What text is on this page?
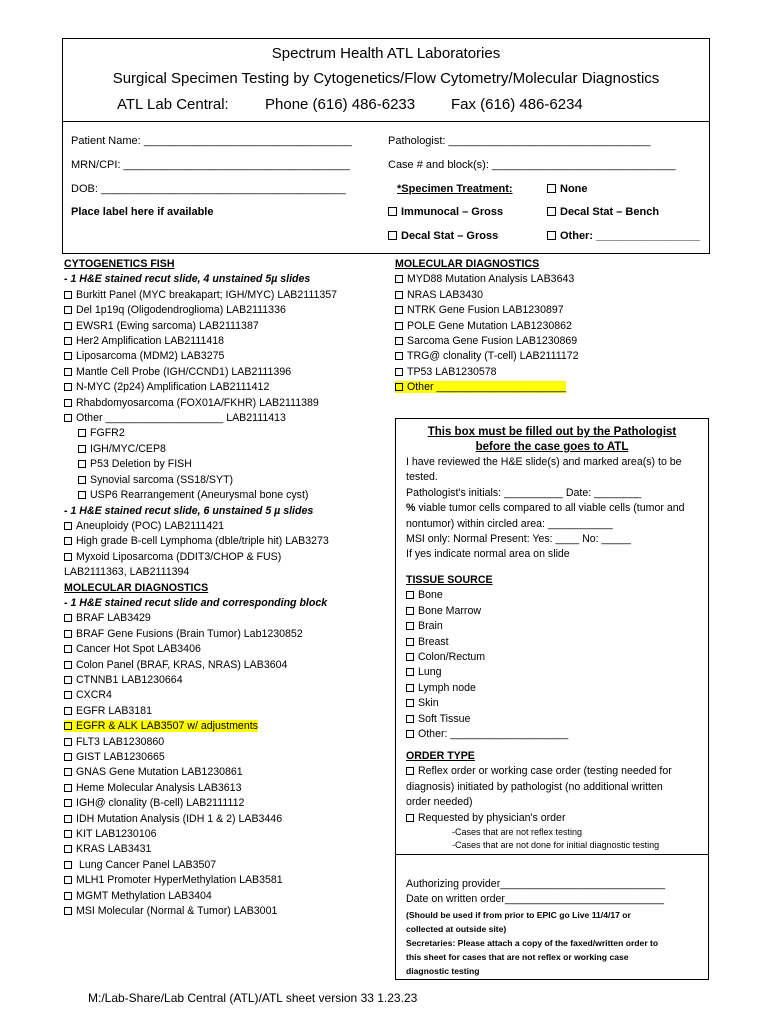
Spectrum Health ATL Laboratories
Surgical Specimen Testing by Cytogenetics/Flow Cytometry/Molecular Diagnostics
ATL Lab Central: Phone (616) 486-6233 Fax (616) 486-6234
Patient Name: __________________________________
MRN/CPI: _____________________________________
DOB: ________________________________________
Place label here if available
Pathologist: _________________________________
Case # and block(s): ______________________________
*Specimen Treatment:	None
Immunocal – Gross	Decal Stat – Bench
Decal Stat – Gross	Other: _________________
CYTOGENETICS FISH
- 1 H&E stained recut slide, 4 unstained 5µ slides
Burkitt Panel (MYC breakapart; IGH/MYC) LAB2111357
Del 1p19q (Oligodendroglioma) LAB2111336
EWSR1 (Ewing sarcoma) LAB2111387
Her2 Amplification LAB2111418
Liposarcoma (MDM2) LAB3275
Mantle Cell Probe (IGH/CCND1) LAB2111396
N-MYC (2p24) Amplification LAB2111412
Rhabdomyosarcoma (FOX01A/FKHR) LAB2111389
Other ____________________ LAB2111413
FGFR2
IGH/MYC/CEP8
P53 Deletion by FISH
Synovial sarcoma (SS18/SYT)
USP6 Rearrangement (Aneurysmal bone cyst)
- 1 H&E stained recut slide, 6 unstained 5 µ slides
Aneuploidy (POC) LAB2111421
High grade B-cell Lymphoma (dble/triple hit) LAB3273
Myxoid Liposarcoma (DDIT3/CHOP & FUS)
LAB2111363, LAB2111394
MOLECULAR DIAGNOSTICS
- 1 H&E stained recut slide and corresponding block
BRAF LAB3429
BRAF Gene Fusions (Brain Tumor) Lab1230852
Cancer Hot Spot LAB3406
Colon Panel (BRAF, KRAS, NRAS) LAB3604
CTNNB1 LAB1230664
CXCR4
EGFR LAB3181
EGFR & ALK LAB3507 w/ adjustments
FLT3 LAB1230860
GIST LAB1230665
GNAS Gene Mutation LAB1230861
Heme Molecular Analysis LAB3613
IGH@ clonality (B-cell) LAB2111112
IDH Mutation Analysis (IDH 1 & 2) LAB3446
KIT LAB1230106
KRAS LAB3431
Lung Cancer Panel LAB3507
MLH1 Promoter HyperMethylation LAB3581
MGMT Methylation LAB3404
MSI Molecular (Normal & Tumor) LAB3001
MOLECULAR DIAGNOSTICS
MYD88 Mutation Analysis LAB3643
NRAS LAB3430
NTRK Gene Fusion LAB1230897
POLE Gene Mutation LAB1230862
Sarcoma Gene Fusion LAB1230869
TRG@ clonality (T-cell) LAB2111172
TP53 LAB1230578
Other ______________________
This box must be filled out by the Pathologist
before the case goes to ATL
I have reviewed the H&E slide(s) and marked area(s) to be
tested.
Pathologist's initials: __________ Date: ________
% viable tumor cells compared to all viable cells (tumor and
nontumor) within circled area: ___________
MSI only: Normal Present: Yes: ____ No: _____
If yes indicate normal area on slide
TISSUE SOURCE
Bone
Bone Marrow
Brain
Breast
Colon/Rectum
Lung
Lymph node
Skin
Soft Tissue
Other: ____________________
ORDER TYPE
Reflex order or working case order (testing needed for
diagnosis) initiated by pathologist (no additional written
order needed)
Requested by physician's order
-Cases that are not reflex testing
-Cases that are not done for initial diagnostic testing
Authorizing provider____________________________
Date on written order___________________________
(Should be used if from prior to EPIC go Live 11/4/17 or
collected at outside site)
Secretaries: Please attach a copy of the faxed/written order to
this sheet for cases that are not reflex or working case
diagnostic testing
M:/Lab-Share/Lab Central (ATL)/ATL sheet version 33 1.23.23
